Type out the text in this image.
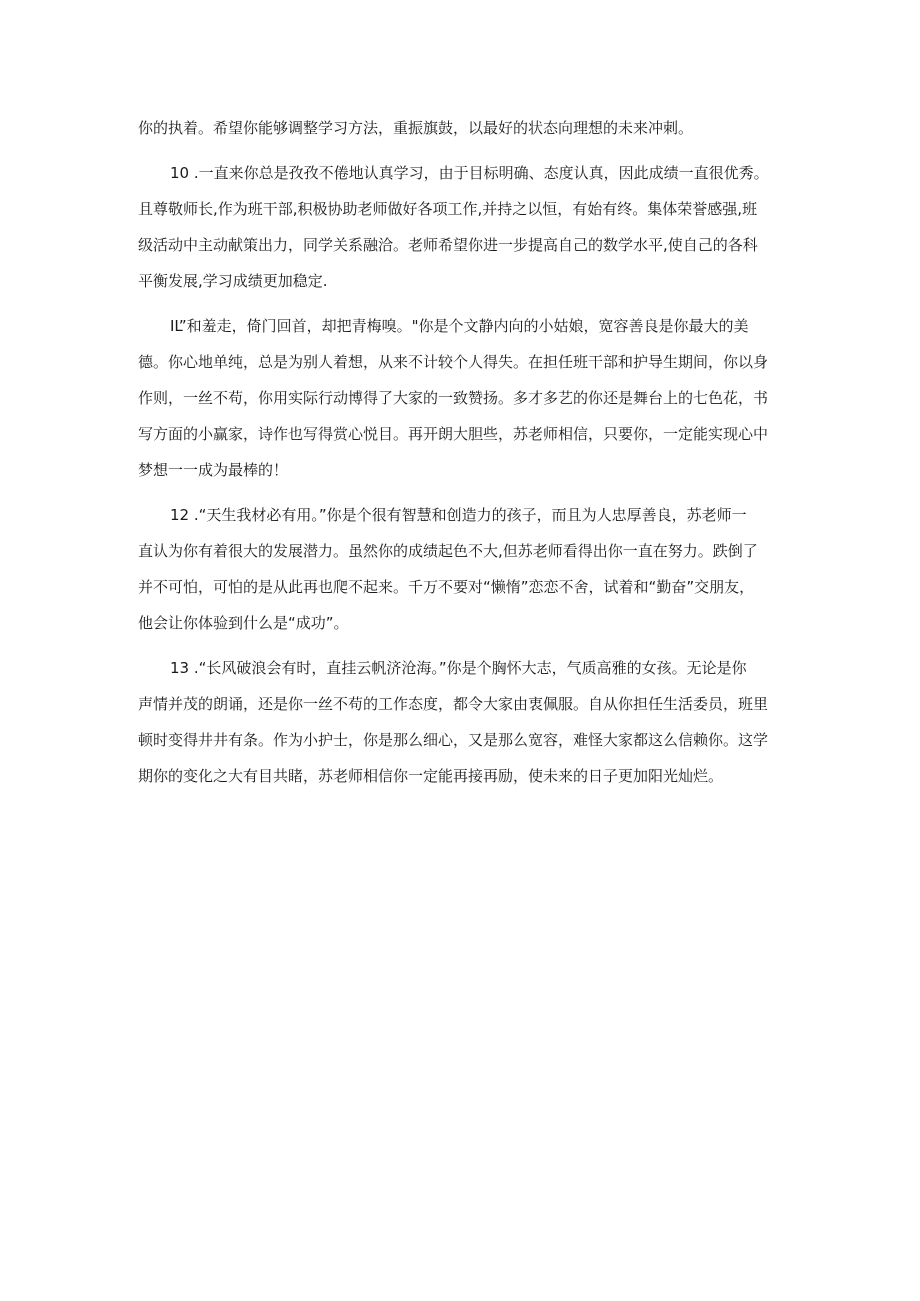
你的执着。希望你能够调整学习方法，重振旗鼓，以最好的状态向理想的未来冲刺。
10 .一直来你总是孜孜不倦地认真学习，由于目标明确、态度认真，因此成绩一直很优秀。
且尊敬师长,作为班干部,积极协助老师做好各项工作,并持之以恒，有始有终。集体荣誉感强,班
级活动中主动献策出力，同学关系融洽。老师希望你进一步提高自己的数学水平,使自己的各科
平衡发展,学习成绩更加稳定.
IL”和羞走，倚门回首，却把青梅嗅。"你是个文静内向的小姑娘，宽容善良是你最大的美
德。你心地单纯，总是为别人着想，从来不计较个人得失。在担任班干部和护导生期间，你以身
作则，一丝不苟，你用实际行动博得了大家的一致赞扬。多才多艺的你还是舞台上的七色花，书
写方面的小赢家，诗作也写得赏心悦目。再开朗大胆些，苏老师相信，只要你，一定能实现心中
梦想一一成为最棒的！
12 .“天生我材必有用。”你是个很有智慧和创造力的孩子，而且为人忠厚善良，苏老师一
直认为你有着很大的发展潜力。虽然你的成绩起色不大,但苏老师看得出你一直在努力。跌倒了
并不可怕，可怕的是从此再也爬不起来。千万不要对“懒惰”恋恋不舍，试着和“勤奋”交朋友，
他会让你体验到什么是“成功”。
13 .“长风破浪会有时，直挂云帆济沧海。”你是个胸怀大志，气质高雅的女孩。无论是你
声情并茂的朗诵，还是你一丝不苟的工作态度，都令大家由衷佩服。自从你担任生活委员，班里
顿时变得井井有条。作为小护士，你是那么细心，又是那么宽容，难怪大家都这么信赖你。这学
期你的变化之大有目共睹，苏老师相信你一定能再接再励，使未来的日子更加阳光灿烂。
